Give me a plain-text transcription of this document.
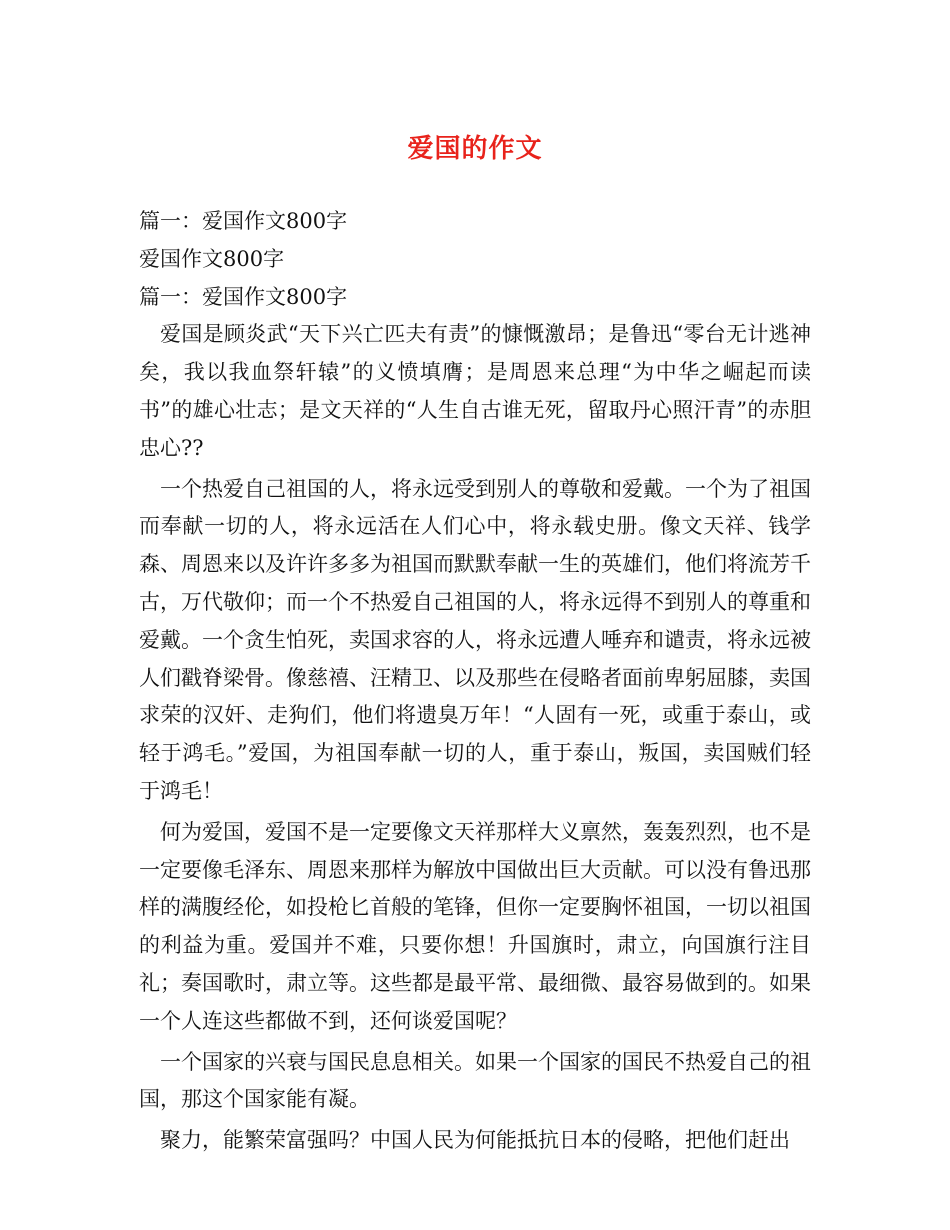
爱国的作文

篇一：爱国作文800字

爱国作文800字

篇一：爱国作文800字

爱国是顾炎武“天下兴亡匹夫有责”的慷慨激昂；是鲁迅“零台无计逃神矣，我以我血祭轩辕”的义愤填膺；是周恩来总理“为中华之崛起而读书”的雄心壮志；是文天祥的“人生自古谁无死，留取丹心照汗青”的赤胆忠心??

一个热爱自己祖国的人，将永远受到别人的尊敬和爱戴。一个为了祖国而奉献一切的人，将永远活在人们心中，将永载史册。像文天祥、钱学森、周恩来以及许许多多为祖国而默默奉献一生的英雄们，他们将流芳千古，万代敬仰；而一个不热爱自己祖国的人，将永远得不到别人的尊重和爱戴。一个贪生怕死，卖国求容的人，将永远遭人唾弃和谴责，将永远被人们戳脊梁骨。像慈禧、汪精卫、以及那些在侵略者面前卑躬屈膝，卖国求荣的汉奸、走狗们，他们将遗臭万年！“人固有一死，或重于泰山，或轻于鸿毛。”爱国，为祖国奉献一切的人，重于泰山，叛国，卖国贼们轻于鸿毛！

何为爱国，爱国不是一定要像文天祥那样大义禀然，轰轰烈烈，也不是一定要像毛泽东、周恩来那样为解放中国做出巨大贡献。可以没有鲁迅那样的满腹经伦，如投枪匕首般的笔锋，但你一定要胸怀祖国，一切以祖国的利益为重。爱国并不难，只要你想！升国旗时，肃立，向国旗行注目礼；奏国歌时，肃立等。这些都是最平常、最细微、最容易做到的。如果一个人连这些都做不到，还何谈爱国呢？

一个国家的兴衰与国民息息相关。如果一个国家的国民不热爱自己的祖国，那这个国家能有凝。

聚力，能繁荣富强吗？中国人民为何能抵抗日本的侵略，把他们赶出
